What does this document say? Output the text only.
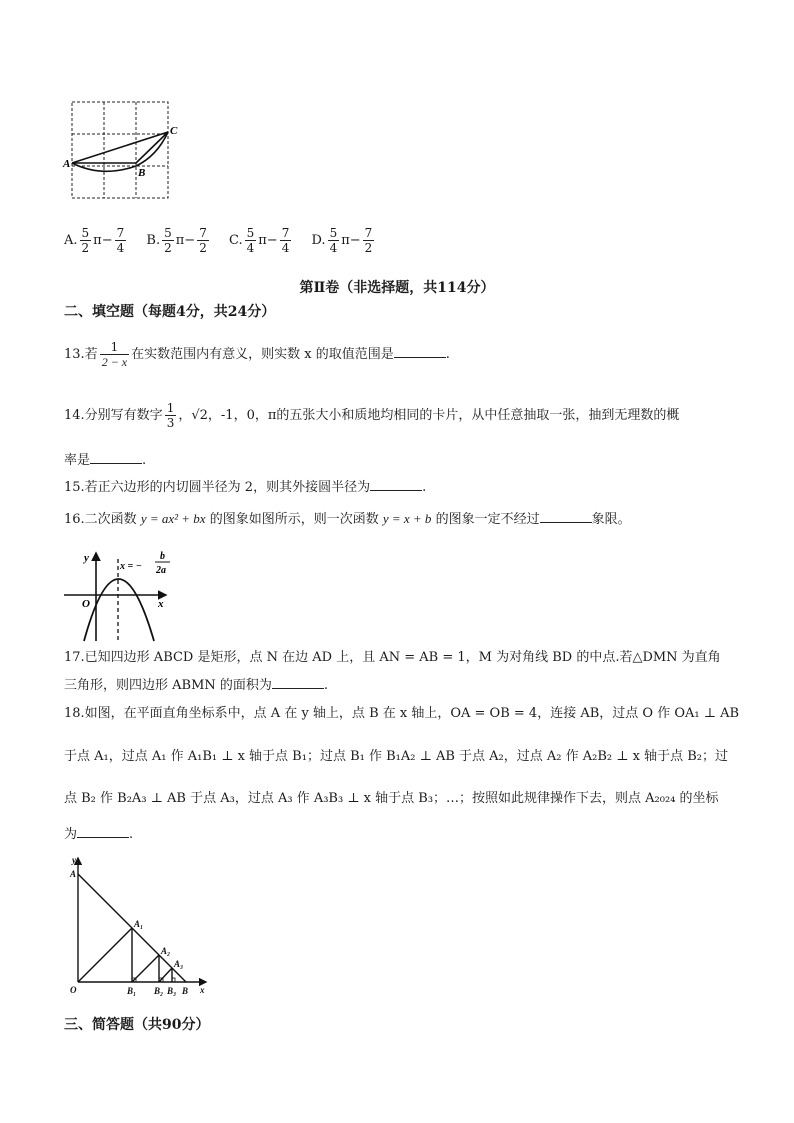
A
B
C
A. $\frac{5}{2}$ $\pi - \frac{7}{4}$
B. $\frac{5}{2}$ $\pi - \frac{7}{2}$
C. $\frac{5}{4}$ $\pi - \frac{7}{4}$
D. $\frac{5}{4}$ $\pi - \frac{7}{2}$
第Ⅱ卷（非选择题，共114分）
二、填空题（每题4分，共24分）
13.若 $\frac{1}{2 - x}$ 在实数范围内有意义，则实数 x 的取值范围是	.
14.分别写有数字 $\frac{1}{3}$ ，√2，-1，0，π的五张大小和质地均相同的卡片，从中任意抽取一张，抽到无理数的概
率是	.
15.若正六边形的内切圆半径为 2，则其外接圆半径为	.
16.二次函数 y = ax² + bx 的图象如图所示，则一次函数 y = x + b 的图象一定不经过	象限。
y
x
O
x = −
b
2a
17.已知四边形 ABCD 是矩形，点 N 在边 AD 上，且 AN = AB = 1，M 为对角线 BD 的中点.若△DMN 为直角
三角形，则四边形 ABMN 的面积为	.
18.如图，在平面直角坐标系中，点 A 在 y 轴上，点 B 在 x 轴上，OA = OB = 4，连接 AB，过点 O 作 OA₁ ⊥ AB
于点 A₁，过点 A₁ 作 A₁B₁ ⊥ x 轴于点 B₁；过点 B₁ 作 B₁A₂ ⊥ AB 于点 A₂，过点 A₂ 作 A₂B₂ ⊥ x 轴于点 B₂；过
点 B₂ 作 B₂A₃ ⊥ AB 于点 A₃，过点 A₃ 作 A₃B₃ ⊥ x 轴于点 B₃；…；按照如此规律操作下去，则点 A₂₀₂₄ 的坐标
为	.
y
x
A
O
A₁
A₂
A₃
B₁ B₂ B₃ B
三、简答题（共90分）
